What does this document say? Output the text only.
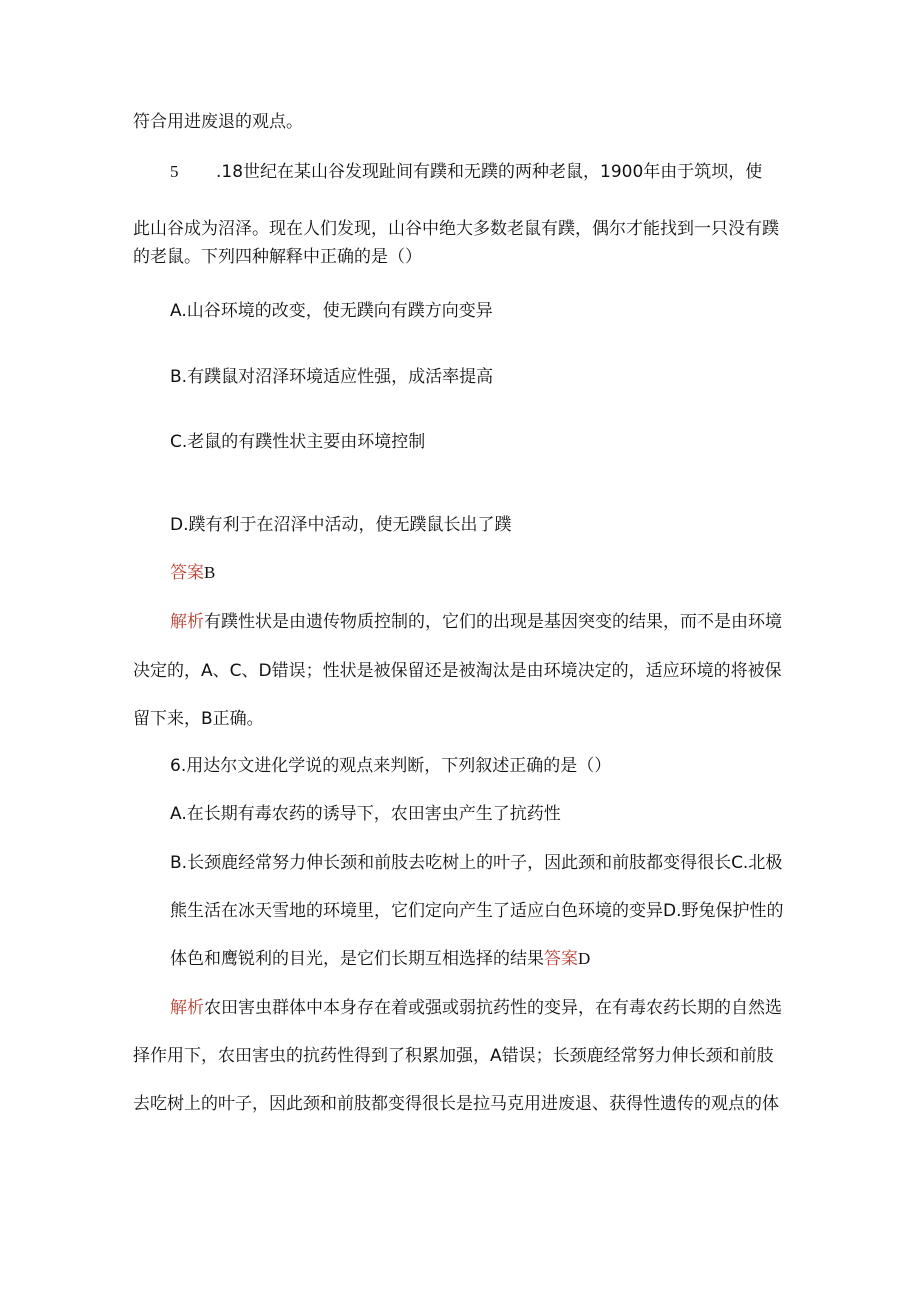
符合用进废退的观点。
5 .18世纪在某山谷发现趾间有蹼和无蹼的两种老鼠，1900年由于筑坝，使
此山谷成为沼泽。现在人们发现，山谷中绝大多数老鼠有蹼，偶尔才能找到一只没有蹼
的老鼠。下列四种解释中正确的是（）
A.山谷环境的改变，使无蹼向有蹼方向变异
B.有蹼鼠对沼泽环境适应性强，成活率提高
C.老鼠的有蹼性状主要由环境控制
D.蹼有利于在沼泽中活动，使无蹼鼠长出了蹼
答案B
解析有蹼性状是由遗传物质控制的，它们的出现是基因突变的结果，而不是由环境
决定的，A、C、D错误；性状是被保留还是被淘汰是由环境决定的，适应环境的将被保
留下来，B正确。
6.用达尔文进化学说的观点来判断，下列叙述正确的是（）
A.在长期有毒农药的诱导下，农田害虫产生了抗药性
B.长颈鹿经常努力伸长颈和前肢去吃树上的叶子，因此颈和前肢都变得很长C.北极
熊生活在冰天雪地的环境里，它们定向产生了适应白色环境的变异D.野兔保护性的
体色和鹰锐利的目光，是它们长期互相选择的结果答案D
解析农田害虫群体中本身存在着或强或弱抗药性的变异，在有毒农药长期的自然选
择作用下，农田害虫的抗药性得到了积累加强，A错误；长颈鹿经常努力伸长颈和前肢
去吃树上的叶子，因此颈和前肢都变得很长是拉马克用进废退、获得性遗传的观点的体
